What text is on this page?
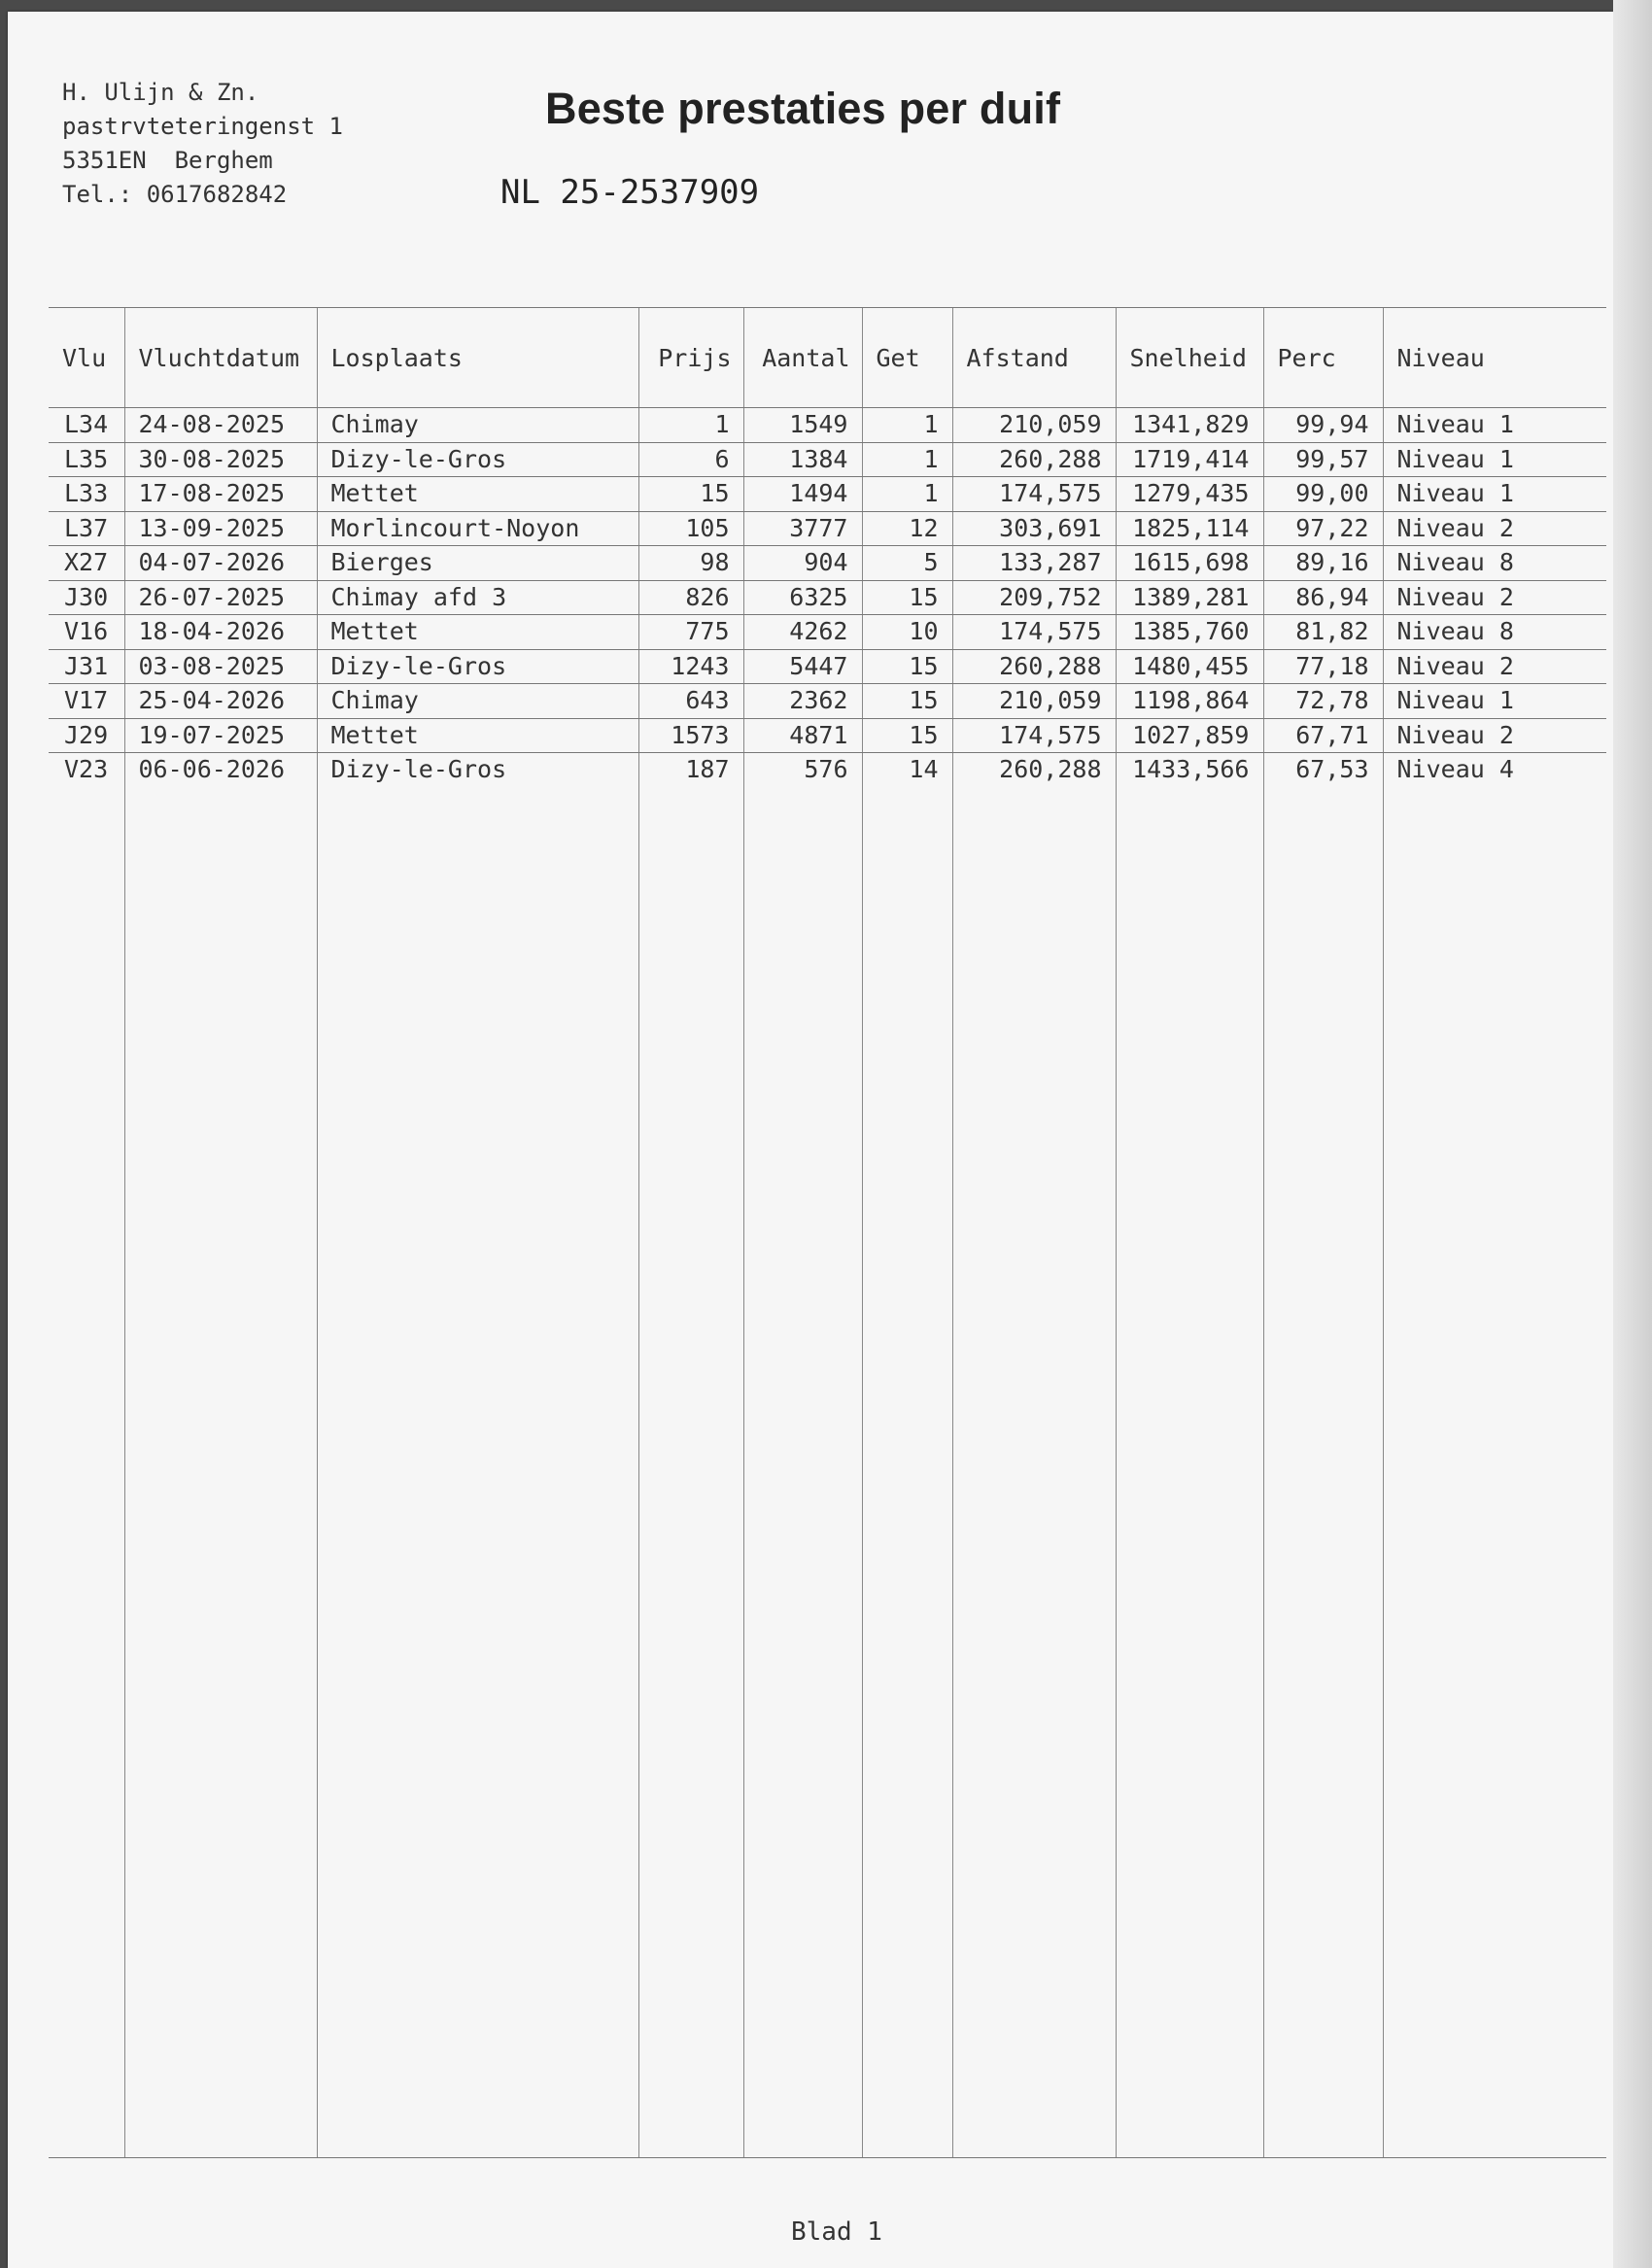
H. Ulijn & Zn.
pastrvteteringenst 1
5351EN  Berghem
Tel.: 0617682842
Beste prestaties per duif
NL 25-2537909
Vlu	Vluchtdatum	Losplaats	Prijs	Aantal	Get	Afstand	Snelheid	Perc	Niveau
L34	24-08-2025	Chimay	1	1549	1	210,059	1341,829	99,94	Niveau 1
L35	30-08-2025	Dizy-le-Gros	6	1384	1	260,288	1719,414	99,57	Niveau 1
L33	17-08-2025	Mettet	15	1494	1	174,575	1279,435	99,00	Niveau 1
L37	13-09-2025	Morlincourt-Noyon	105	3777	12	303,691	1825,114	97,22	Niveau 2
X27	04-07-2026	Bierges	98	904	5	133,287	1615,698	89,16	Niveau 8
J30	26-07-2025	Chimay afd 3	826	6325	15	209,752	1389,281	86,94	Niveau 2
V16	18-04-2026	Mettet	775	4262	10	174,575	1385,760	81,82	Niveau 8
J31	03-08-2025	Dizy-le-Gros	1243	5447	15	260,288	1480,455	77,18	Niveau 2
V17	25-04-2026	Chimay	643	2362	15	210,059	1198,864	72,78	Niveau 1
J29	19-07-2025	Mettet	1573	4871	15	174,575	1027,859	67,71	Niveau 2
V23	06-06-2026	Dizy-le-Gros	187	576	14	260,288	1433,566	67,53	Niveau 4

Blad 1
